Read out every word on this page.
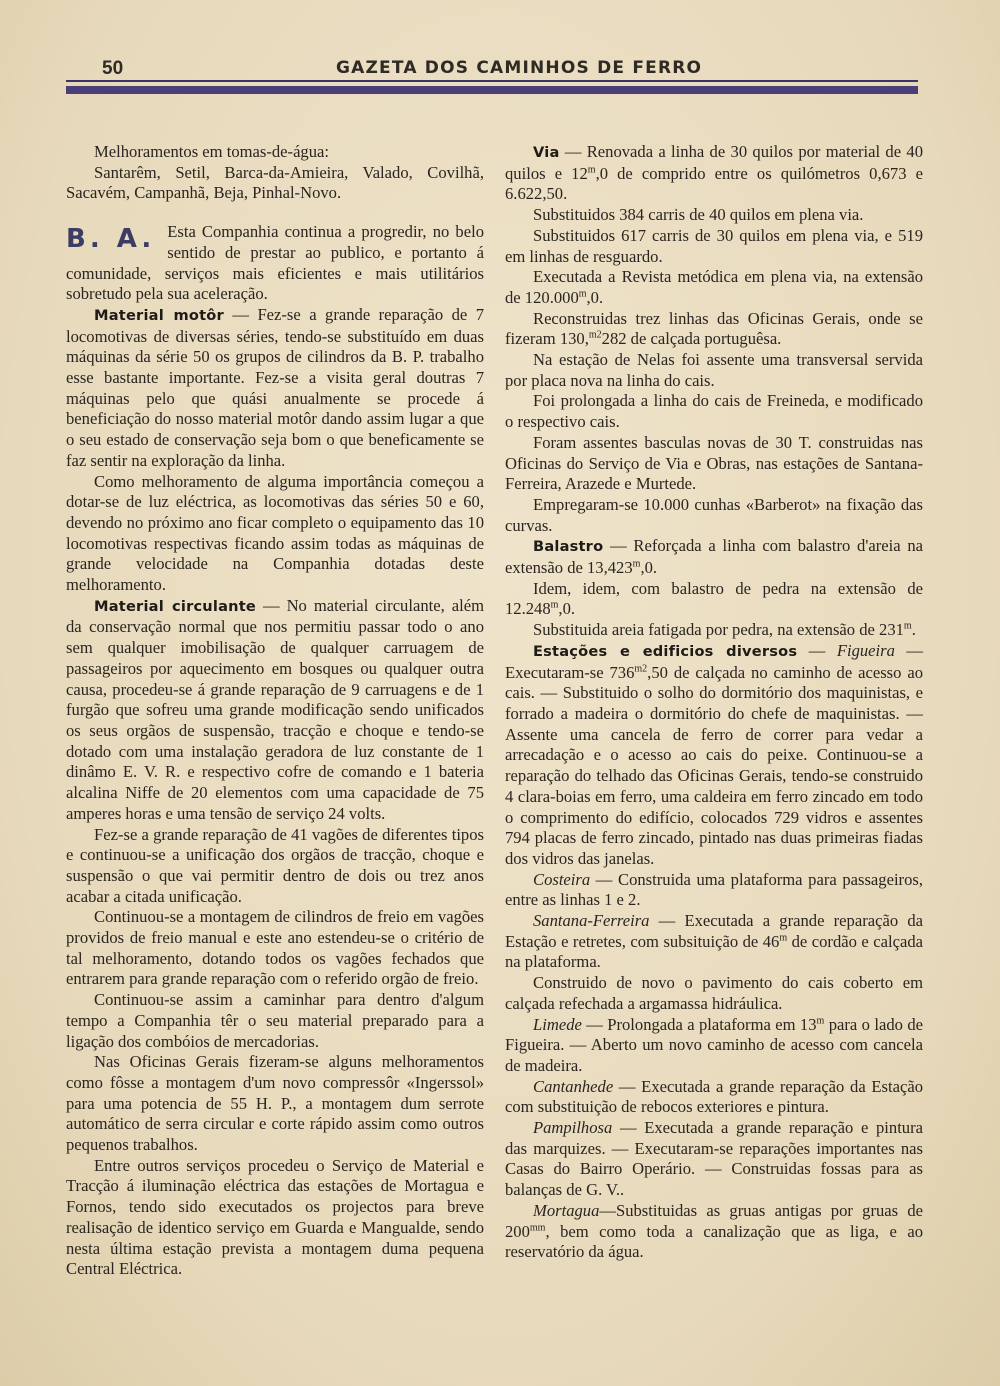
50	GAZETA DOS CAMINHOS DE FERRO

Melhoramentos em tomas-de-água:

Santarêm, Setil, Barca-da-Amieira, Valado, Covilhã, Sacavém, Campanhã, Beja, Pinhal-Novo.

B. A. Esta Companhia continua a progredir, no belo sentido de prestar ao publico, e portanto á comunidade, serviços mais eficientes e mais utilitários sobretudo pela sua aceleração.

Material motôr — Fez-se a grande reparação de 7 locomotivas de diversas séries, tendo-se substituído em duas máquinas da série 50 os grupos de cilindros da B. P. trabalho esse bastante importante. Fez-se a visita geral doutras 7 máquinas pelo que quási anualmente se procede á beneficiação do nosso material motôr dando assim lugar a que o seu estado de conservação seja bom o que beneficamente se faz sentir na exploração da linha.

Como melhoramento de alguma importância começou a dotar-se de luz eléctrica, as locomotivas das séries 50 e 60, devendo no próximo ano ficar completo o equipamento das 10 locomotivas respectivas ficando assim todas as máquinas de grande velocidade na Companhia dotadas deste melhoramento.

Material circulante — No material circulante, além da conservação normal que nos permitiu passar todo o ano sem qualquer imobilisação de qualquer carruagem de passageiros por aquecimento em bosques ou qualquer outra causa, procedeu-se á grande reparação de 9 carruagens e de 1 furgão que sofreu uma grande modificação sendo unificados os seus orgãos de suspensão, tracção e choque e tendo-se dotado com uma instalação geradora de luz constante de 1 dinâmo E. V. R. e respectivo cofre de comando e 1 bateria alcalina Niffe de 20 elementos com uma capacidade de 75 amperes horas e uma tensão de serviço 24 volts.

Fez-se a grande reparação de 41 vagões de diferentes tipos e continuou-se a unificação dos orgãos de tracção, choque e suspensão o que vai permitir dentro de dois ou trez anos acabar a citada unificação.

Continuou-se a montagem de cilindros de freio em vagões providos de freio manual e este ano estendeu-se o critério de tal melhoramento, dotando todos os vagões fechados que entrarem para grande reparação com o referido orgão de freio.

Continuou-se assim a caminhar para dentro d'algum tempo a Companhia têr o seu material preparado para a ligação dos combóios de mercadorias.

Nas Oficinas Gerais fizeram-se alguns melhoramentos como fôsse a montagem d'um novo compressôr «Ingerssol» para uma potencia de 55 H. P., a montagem dum serrote automático de serra circular e corte rápido assim como outros pequenos trabalhos.

Entre outros serviços procedeu o Serviço de Material e Tracção á iluminação eléctrica das estações de Mortagua e Fornos, tendo sido executados os projectos para breve realisação de identico serviço em Guarda e Mangualde, sendo nesta última estação prevista a montagem duma pequena Central Eléctrica.

Via — Renovada a linha de 30 quilos por material de 40 quilos e 12$^m$,0 de comprido entre os quilómetros 0,673 e 6.622,50.

Substituidos 384 carris de 40 quilos em plena via.

Substituidos 617 carris de 30 quilos em plena via, e 519 em linhas de resguardo.

Executada a Revista metódica em plena via, na extensão de 120.000$^m$,0.

Reconstruidas trez linhas das Oficinas Gerais, onde se fizeram 130,$^{m2}$282 de calçada portuguêsa.

Na estação de Nelas foi assente uma transversal servida por placa nova na linha do cais.

Foi prolongada a linha do cais de Freineda, e modificado o respectivo cais.

Foram assentes basculas novas de 30 T. construidas nas Oficinas do Serviço de Via e Obras, nas estações de Santana-Ferreira, Arazede e Murtede.

Empregaram-se 10.000 cunhas «Barberot» na fixação das curvas.

Balastro — Reforçada a linha com balastro d'areia na extensão de 13,423$^m$,0.

Idem, idem, com balastro de pedra na extensão de 12.248$^m$,0.

Substituida areia fatigada por pedra, na extensão de 231$^m$.

Estações e edificios diversos — Figueira — Executaram-se $736^{m2},50$ de calçada no caminho de acesso ao cais. — Substituido o solho do dormitório dos maquinistas, e forrado a madeira o dormitório do chefe de maquinistas. — Assente uma cancela de ferro de correr para vedar a arrecadação e o acesso ao cais do peixe. Continuou-se a reparação do telhado das Oficinas Gerais, tendo-se construido 4 clara-boias em ferro, uma caldeira em ferro zincado em todo o comprimento do edifício, colocados 729 vidros e assentes 794 placas de ferro zincado, pintado nas duas primeiras fiadas dos vidros das janelas.

Costeira — Construida uma plataforma para passageiros, entre as linhas 1 e 2.

Santana-Ferreira — Executada a grande reparação da Estação e retretes, com subsituição de 46$^m$ de cordão e calçada na plataforma.

Construido de novo o pavimento do cais coberto em calçada refechada a argamassa hidráulica.

Limede — Prolongada a plataforma em 13$^m$ para o lado de Figueira. — Aberto um novo caminho de acesso com cancela de madeira.

Cantanhede — Executada a grande reparação da Estação com substituição de rebocos exteriores e pintura.

Pampilhosa — Executada a grande reparação e pintura das marquizes. — Executaram-se reparações importantes nas Casas do Bairro Operário. — Construidas fossas para as balanças de G. V..

Mortagua—Substituidas as gruas antigas por gruas de $200^{mm}$, bem como toda a canalização que as liga, e ao reservatório da água.
